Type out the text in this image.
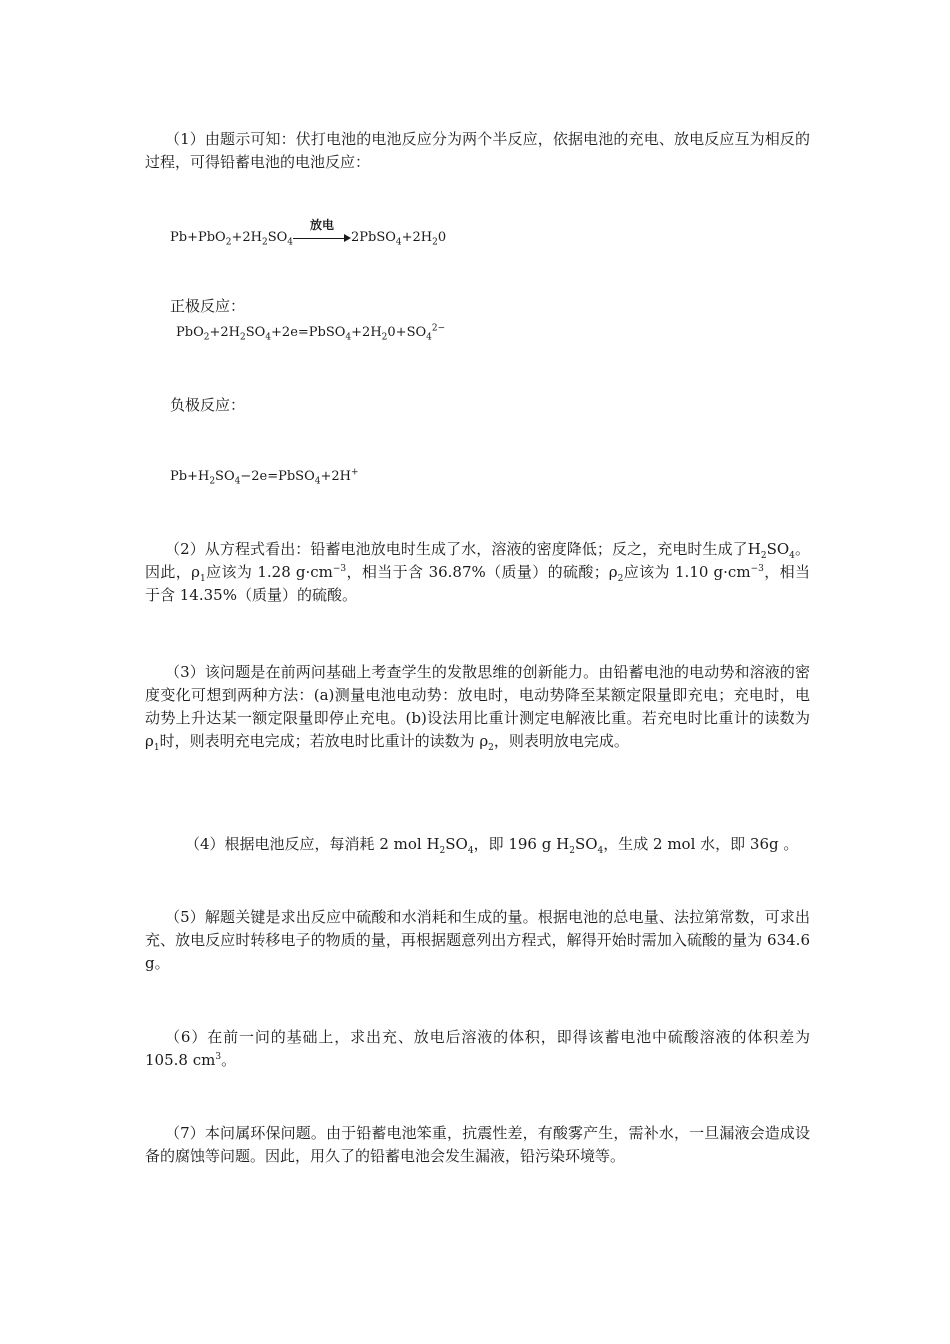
（1）由题示可知：伏打电池的电池反应分为两个半反应，依据电池的充电、放电反应互为相反的过程，可得铅蓄电池的电池反应：

$Pb+PbO_2+2H_2SO_4$
放电
$2PbSO_4+2H_20$

正极反应：

$PbO_2+2H_2SO_4+2e=PbSO_4+2H_20+SO_4^{2-}$

负极反应：

$Pb+H_2SO_4-2e=PbSO_4+2H^+$

（2）从方程式看出：铅蓄电池放电时生成了水，溶液的密度降低；反之，充电时生成了$H_2SO_4$。因此，$\rho_1$应该为 1.28 $g\cdot cm^{-3}$，相当于含 36.87%（质量）的硫酸；$\rho_2$应该为 1.10 $g\cdot cm^{-3}$，相当于含 14.35%（质量）的硫酸。

（3）该问题是在前两问基础上考查学生的发散思维的创新能力。由铅蓄电池的电动势和溶液的密度变化可想到两种方法：(a)测量电池电动势：放电时，电动势降至某额定限量即充电；充电时，电动势上升达某一额定限量即停止充电。(b)设法用比重计测定电解液比重。若充电时比重计的读数为 $\rho_1$时，则表明充电完成；若放电时比重计的读数为 $\rho_2$，则表明放电完成。

（4）根据电池反应，每消耗 2 mol $H_2SO_4$，即 196 g $H_2SO_4$，生成 2 mol 水，即 36g 。

（5）解题关键是求出反应中硫酸和水消耗和生成的量。根据电池的总电量、法拉第常数，可求出充、放电反应时转移电子的物质的量，再根据题意列出方程式，解得开始时需加入硫酸的量为 634.6 g。

（6）在前一问的基础上，求出充、放电后溶液的体积，即得该蓄电池中硫酸溶液的体积差为 105.8 $cm^3$。

（7）本问属环保问题。由于铅蓄电池笨重，抗震性差，有酸雾产生，需补水，一旦漏液会造成设备的腐蚀等问题。因此，用久了的铅蓄电池会发生漏液，铅污染环境等。
